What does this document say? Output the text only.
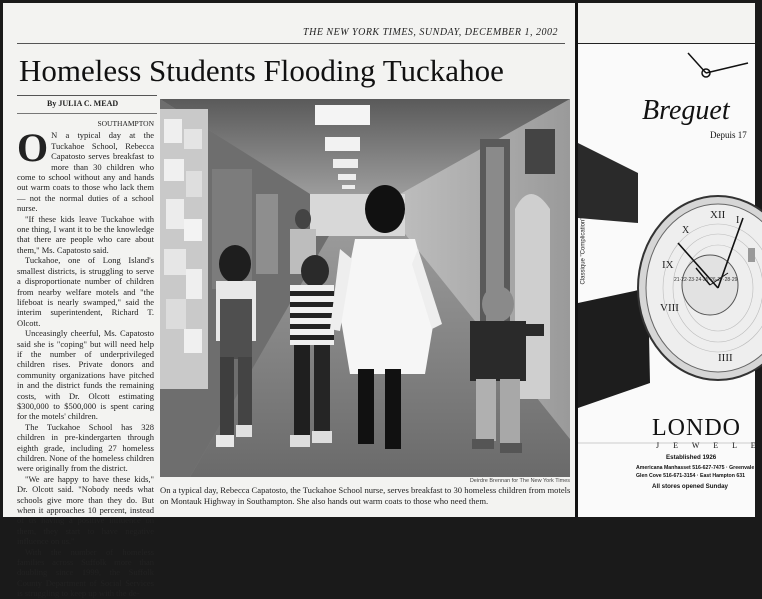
THE NEW YORK TIMES, SUNDAY, DECEMBER 1, 2002
Homeless Students Flooding Tuckahoe
By JULIA C. MEAD
SOUTHAMPTON

O N a typical day at the Tuckahoe School, Rebecca Capatosto serves breakfast to more than 30 children who come to school without any and hands out warm coats to those who lack them — not the normal duties of a school nurse.

"If these kids leave Tuckahoe with one thing, I want it to be the knowledge that there are people who care about them," Ms. Capatosto said.

Tuckahoe, one of Long Island's smallest districts, is struggling to serve a disproportionate number of children from nearby welfare motels and "the lifeboat is nearly swamped," said the interim superintendent, Richard T. Olcott.

Unceasingly cheerful, Ms. Capatosto said she is "coping" but will need help if the number of underprivileged children rises. Private donors and community organizations have pitched in and the district funds the remaining costs, with Dr. Olcott estimating $300,000 to $500,000 is spent caring for the motels' children.

The Tuckahoe School has 328 children in pre-kindergarten through eighth grade, including 27 homeless children. None of the homeless children were originally from the district.

"We are happy to have these kids," Dr. Olcott said. "Nobody needs what schools give more than they do. But when it approaches 10 percent, instead of us having a positive influence on them, they start to have negative influence on us."

With the number of homeless families across Suffolk more than doubling since 1999, the Suffolk County Department of Social Services is struggling to keep up with the de-

Deirdre Brennan for The New York Times
On a typical day, Rebecca Capatosto, the Tuckahoe School nurse, serves breakfast to 30 homeless children from motels on Montauk Highway in Southampton. She also hands out warm coats to those who need them.
XII I
X
IX
VIII
IIII
21·22·23·24·25·26·27·28·29
Breguet
Depuis 17
Classique "Complication"
LONDO
J E W E L E
Established 1926
Americana Manhasset 516-627-7475 · Greenvale
Glen Cove 516-671-3154 · East Hampton 631
All stores opened Sunday
